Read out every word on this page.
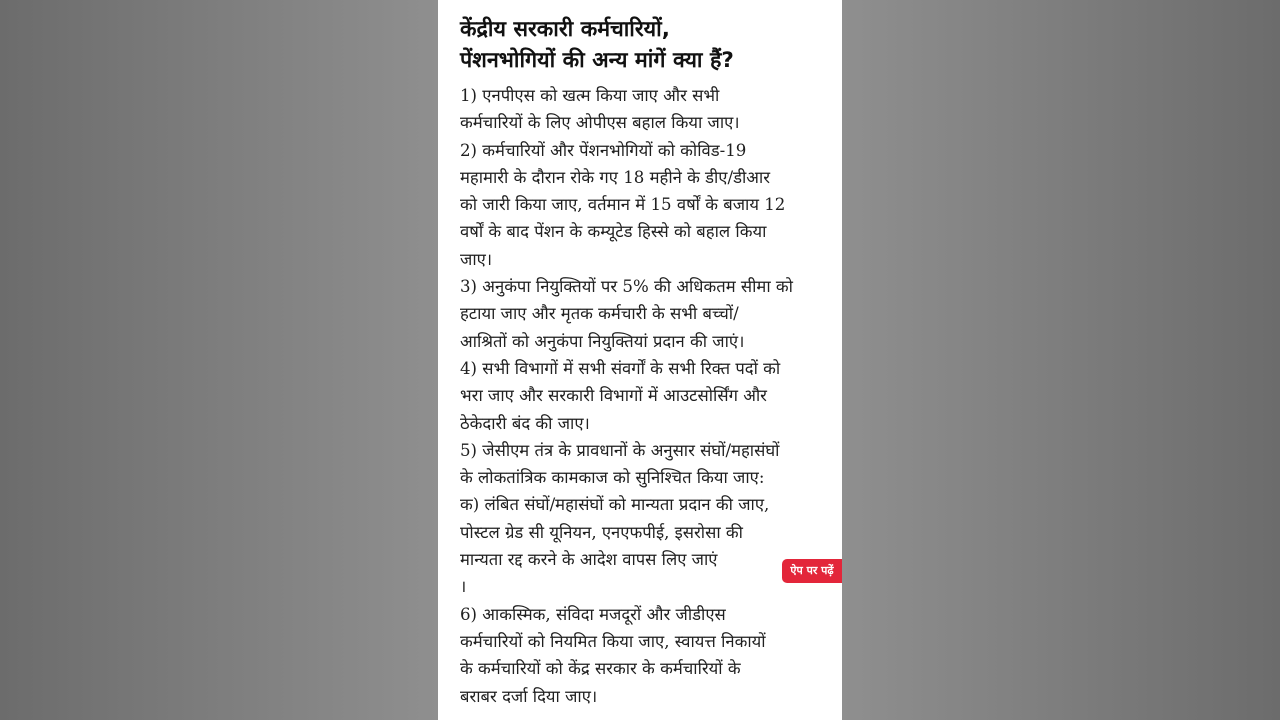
केंद्रीय सरकारी कर्मचारियों,
पेंशनभोगियों की अन्य मांगें क्या हैं?
1) एनपीएस को खत्म किया जाए और सभी
कर्मचारियों के लिए ओपीएस बहाल किया जाए।
2) कर्मचारियों और पेंशनभोगियों को कोविड-19
महामारी के दौरान रोके गए 18 महीने के डीए/डीआर
को जारी किया जाए, वर्तमान में 15 वर्षों के बजाय 12
वर्षों के बाद पेंशन के कम्यूटेड हिस्से को बहाल किया
जाए।
3) अनुकंपा नियुक्तियों पर 5% की अधिकतम सीमा को
हटाया जाए और मृतक कर्मचारी के सभी बच्चों/
आश्रितों को अनुकंपा नियुक्तियां प्रदान की जाएं।
4) सभी विभागों में सभी संवर्गों के सभी रिक्त पदों को
भरा जाए और सरकारी विभागों में आउटसोर्सिंग और
ठेकेदारी बंद की जाए।
5) जेसीएम तंत्र के प्रावधानों के अनुसार संघों/महासंघों
के लोकतांत्रिक कामकाज को सुनिश्चित किया जाए:
क) लंबित संघों/महासंघों को मान्यता प्रदान की जाए,
पोस्टल ग्रेड सी यूनियन, एनएफपीई, इसरोसा की
मान्यता रद्द करने के आदेश वापस लिए जाएं
।
6) आकस्मिक, संविदा मजदूरों और जीडीएस
कर्मचारियों को नियमित किया जाए, स्वायत्त निकायों
के कर्मचारियों को केंद्र सरकार के कर्मचारियों के
बराबर दर्जा दिया जाए।
ऐप पर पढ़ें
